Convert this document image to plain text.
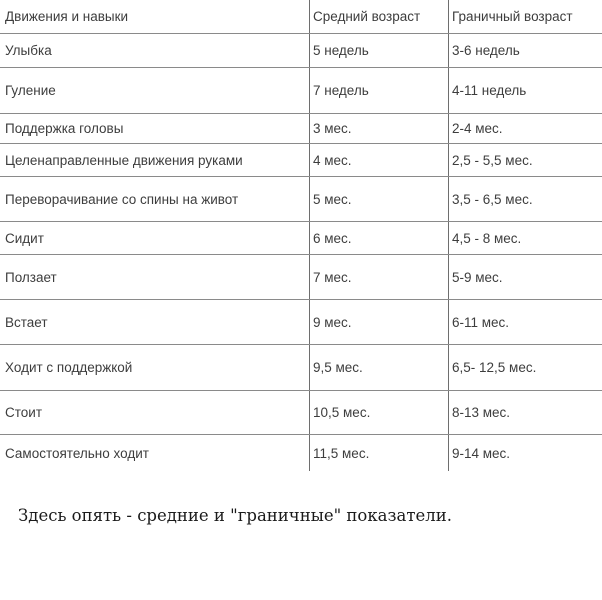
Движения и навыки	Средний возраст	Граничный возраст
Улыбка	5 недель	3-6 недель
Гуление	7 недель	4-11 недель
Поддержка головы	3 мес.	2-4 мес.
Целенаправленные движения руками	4 мес.	2,5 - 5,5 мес.
Переворачивание со спины на живот	5 мес.	3,5 - 6,5 мес.
Сидит	6 мес.	4,5 - 8 мес.
Ползает	7 мес.	5-9 мес.
Встает	9 мес.	6-11 мес.
Ходит с поддержкой	9,5 мес.	6,5- 12,5 мес.
Стоит	10,5 мес.	8-13 мес.
Самостоятельно ходит	11,5 мес.	9-14 мес.
Здесь опять - средние и "граничные" показатели.
